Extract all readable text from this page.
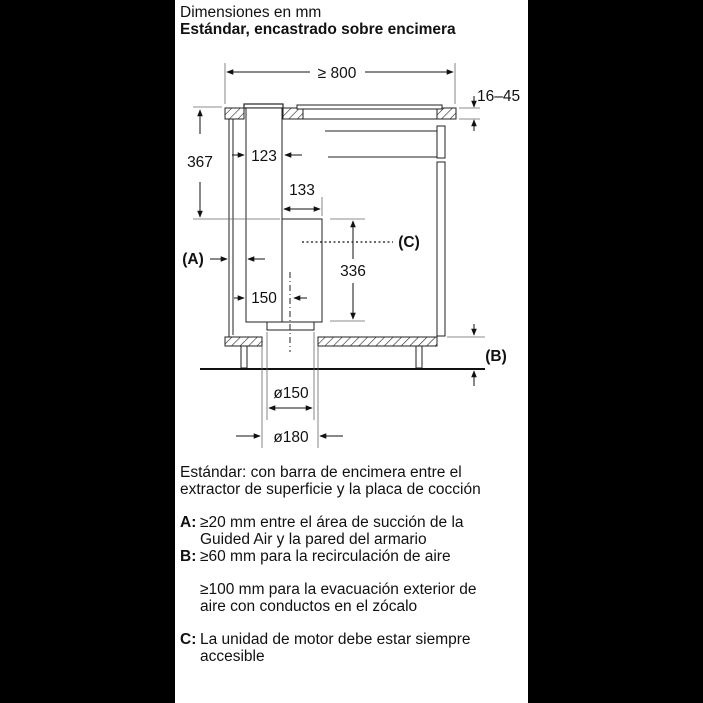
Dimensiones en mm
Estándar, encastrado sobre encimera
≥ 800
16–45
367 123
133
336
150
ø150
ø180
(A)
(C)
(B)

Estándar: con barra de encimera entre el

extractor de superficie y la placa de cocción

A: ≥20 mm entre el área de succión de la
Guided Air y la pared del armario
B: ≥60 mm para la recirculación de aire
≥100 mm para la evacuación exterior de
aire con conductos en el zócalo
C: La unidad de motor debe estar siempre
accesible
